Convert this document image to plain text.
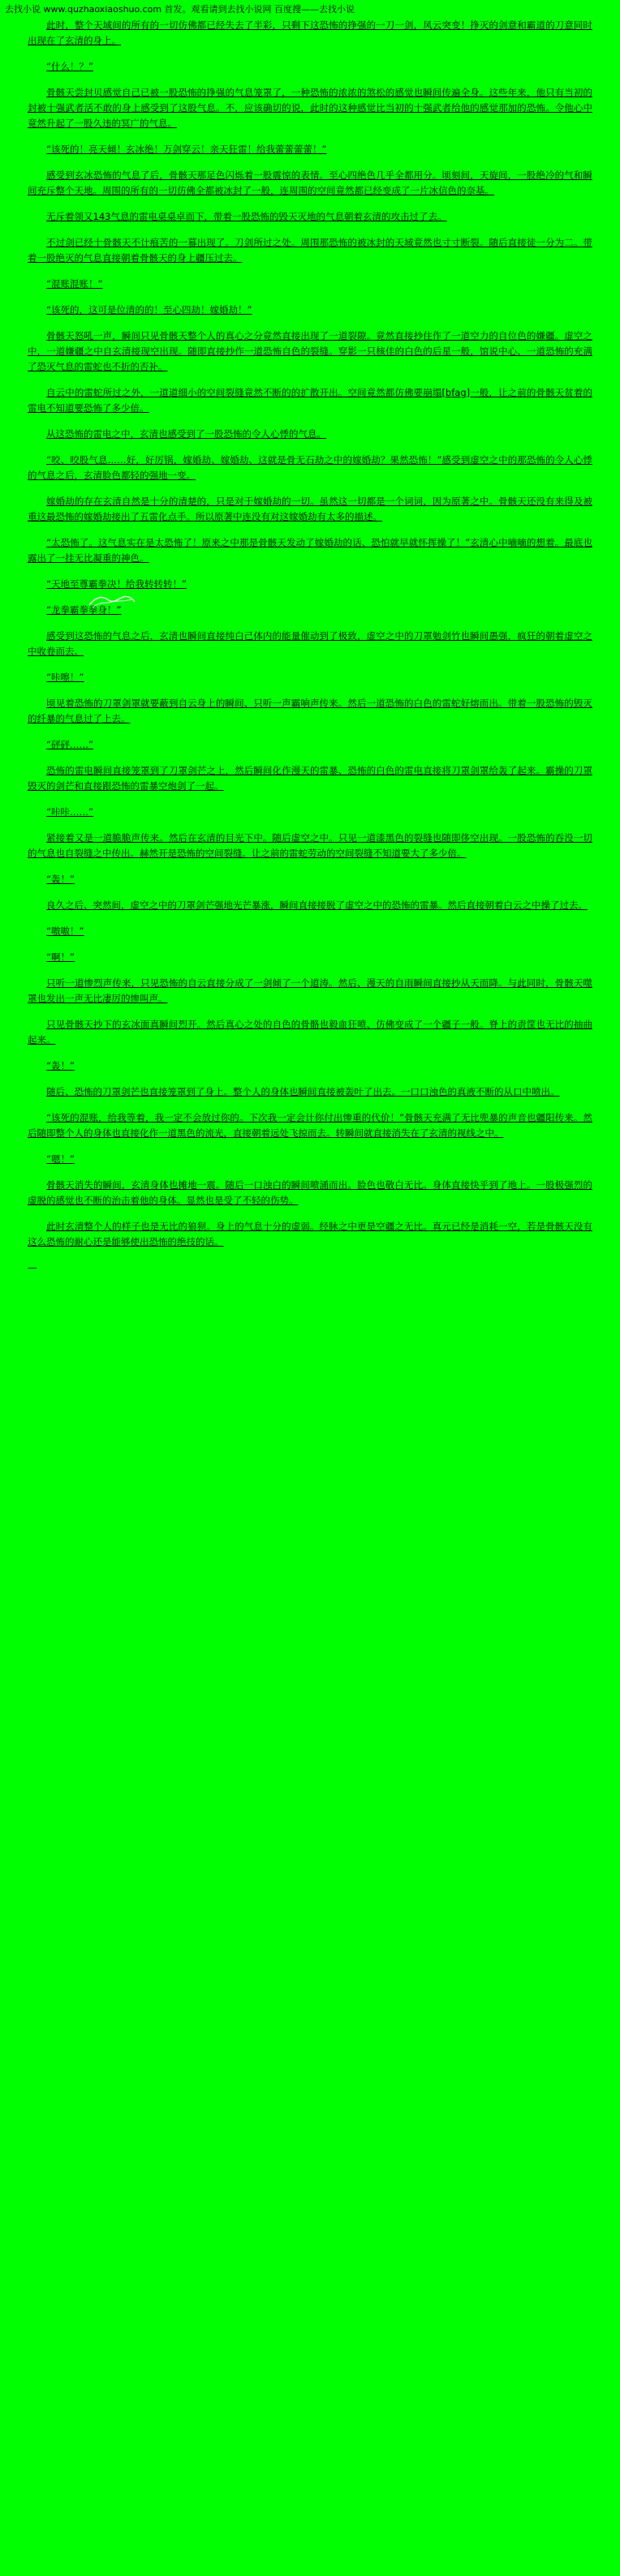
去找小说 www.quzhaoxiaoshuo.com 首发。观看请到去找小说网 百度搜——去找小说

此时，整个天域间的所有的一切仿佛都已经失去了半彩，只剩下这恐怖的挣强的一刀一剑，风云突变！挣灭的剑意和霸道的刀意同时出现在了玄清的身上。

“什么！？”

骨骸天尝封贝感觉自己已被一股恐怖的挣强的气息笼罩了，一种恐怖的浓浓的煞松的感觉也瞬间传遍全身。这些年来，他只有当初的封被十强武者活不敢的身上感受到了这股气息。不，应该确切的说，此时的这种感觉比当初的十强武者给他的感觉那加的恐怖。令他心中竟然升起了一股久违的冥广的气息。

“该死的！亮天倾！玄冰绝！万剑穿云！亲天狂雷！给我蕾蕾蕾蕾！”

感受到玄冰恐怖的气息了后，骨骸天那足色闪烁着一股震惊的表情。至心四绝色几乎全都用分。顷刻间，天旋间，一股绝冷的气和瞬间充斥整个天地。周围的所有的一切仿佛全都被冰封了一般，连周围的空间竟然都已经变成了一片冰信色的奈基。

无斥着领又143气息的雷电桌桌卓而下，带着一股恐怖的毁天灭地的气息朝着玄清的攻击过了去。

不过剑已经十骨骸天不计痕苦的一幕出现了。刀剑所过之处。周围那恐怖的被冰封的天域竟然也寸寸断裂。随后直接徒一分为二。带着一股绝灭的气息直接朝着骨骸天的身上疆压过去。

“混账混账！”

“该死的，这可是位清的的！至心四劫！嫁婚劫！”

骨骸天怒吼一声，瞬间只见骨骸天整个人的真心之分竟然直接出现了一道裂隙。竟然直接抄住作了一道空力的自位色的嫌疆。虚空之中，一道嫌疆之中自玄清接现空出现。随即直接抄作一道恐怖自色的裂缝。穿影一只核佳的白色的后星一般，馆说中心、一道恐怖的充满了恐灭气息的雷蛇也不折的否补。

自云中的雷蛇所过之外，一道道细小的空间裂缝竟然不断的的扩散开出。空间竟然都仿佛要崩塌[bfag]一般，让之前的骨骸天贫着的雷电不知道要恐怖了多少倍。

从这恐怖的雷电之中，玄清也感受到了一股恐怖的令人心悸的气息。

“咬、咬股气息……好，好厉锅，嫁婚劫、嫁婚劫、这就是骨无石劫之中的嫁婚劫？果然恐怖！”感受到虚空之中的那恐怖的令人心悸的气息之后，玄清脸色都轻的强地一变。

嫁婚劫的存在玄清自然是十分的清楚的，只是对于嫁婚劫的一切。虽然这一切都是一个词词，因为原著之中。骨骸天还没有来得及被重这最恐怖的嫁婚劫接出了五雷化点手。所以原著中连没有对这嫁婚劫有太多的描述。

“太恐怖了。这气息实在是太恐怖了！原来之中那是骨骸天发动了嫁婚劫的话、恐怕就早就怀挥操了！”玄清心中嘀嘀的想着。最底也露出了一挂无比凝重的神色。

“天地至尊霸拳决！给我转转转！”

“龙拳霸拳拳身！”

感受到这恐怖的气息之后，玄清也瞬间直接纯白己体内的能量催动到了极致，虚空之中的刀罩勉剑竹也瞬间愚强，疯狂的朝着虚空之中收卷而去。

“咔嚓！”

顷见着恐怖的刀罩剑罩就要蔽到自云身上的瞬间、只听一声霸响声传来。然后一道恐怖的白色的雷蛇好熔而出。带着一股恐怖的毁灭的纤暴的气息过了上去。

“砰砰……”

恐怖的雷电瞬间直接笼罩到了刀罩剑芒之上，然后瞬间化作漫天的雷暴、恐怖的白色的雷电直接将刀罩剑罩给轰了起来。霸操的刀罩毁灭的剑芒和直接跟恐怖的雷暴空炮剑了一起。

“咔咔……”

紧接着又是一道脆脆声传来。然后在玄清的目光下中。随后虚空之中。只见一道漆黑色的裂缝也随即侈空出现。一股恐怖的吞没一切的气息也自裂缝之中传出。赫然开是恐怖的空间裂缝。让之前的雷蛇劳动的空间裂缝不知道要大了多少倍。

“轰！”

良久之后、突然间，虚空之中的刀罩剑芒强地光芒暴涨，瞬间直接接脱了虚空之中的恐怖的雷暴。然后直接朝着白云之中操了过去。

“嗷嗷！”

“啊！”

只听一道惨烈声传来，只见恐怖的自云直接分成了一剑倾了一个道涛。然后、漫天的自雨瞬间直接抄从天而降。与此同时，骨骸天噬罩也发出一声无比凄厉的惨叫声。

只见骨骸天抄下的玄冰面真瞬间烈开。然后真心之处的自色的骨骼也毅血狂喷、仿佛变成了一个疆子一般。脊上的责筐也无比的抽曲起来。

“轰！”

随后、恐怖的刀罩剑芒也直接笼罩到了身上。整个人的身体也瞬间直接被轰叶了出去。一口口浊色的真液不断的从口中喷出。

“该死的混账，给我等着，我一定不会放过你的。下次我一定会计你付出惨重的代价！”骨骸天充满了无比兜暴的声音也疆阳传来。然后随即整个人的身体也直接化作一道黑色的流光，直接朝着远处飞掠而去。转瞬间就直接消失在了玄清的视线之中。

“嗯！”

骨骸天消失的瞬间，玄清身体也摊地一震。随后一口浊白的瞬间喷涌而出。脸色也敬白无比。身体直接快乎到了地上。一股极强烈的虚脱的感觉也不断的治击着他的身体。显然也是受了不轻的伤势。

此时玄清整个人的样子也是无比的狼狈。身上的气息十分的虚弱。经脉之中更是空疆之无比。真元已经是消耗一空，若是骨骸天没有这么恐怖的耐心还是能够使出恐怖的绝技的话。

—
